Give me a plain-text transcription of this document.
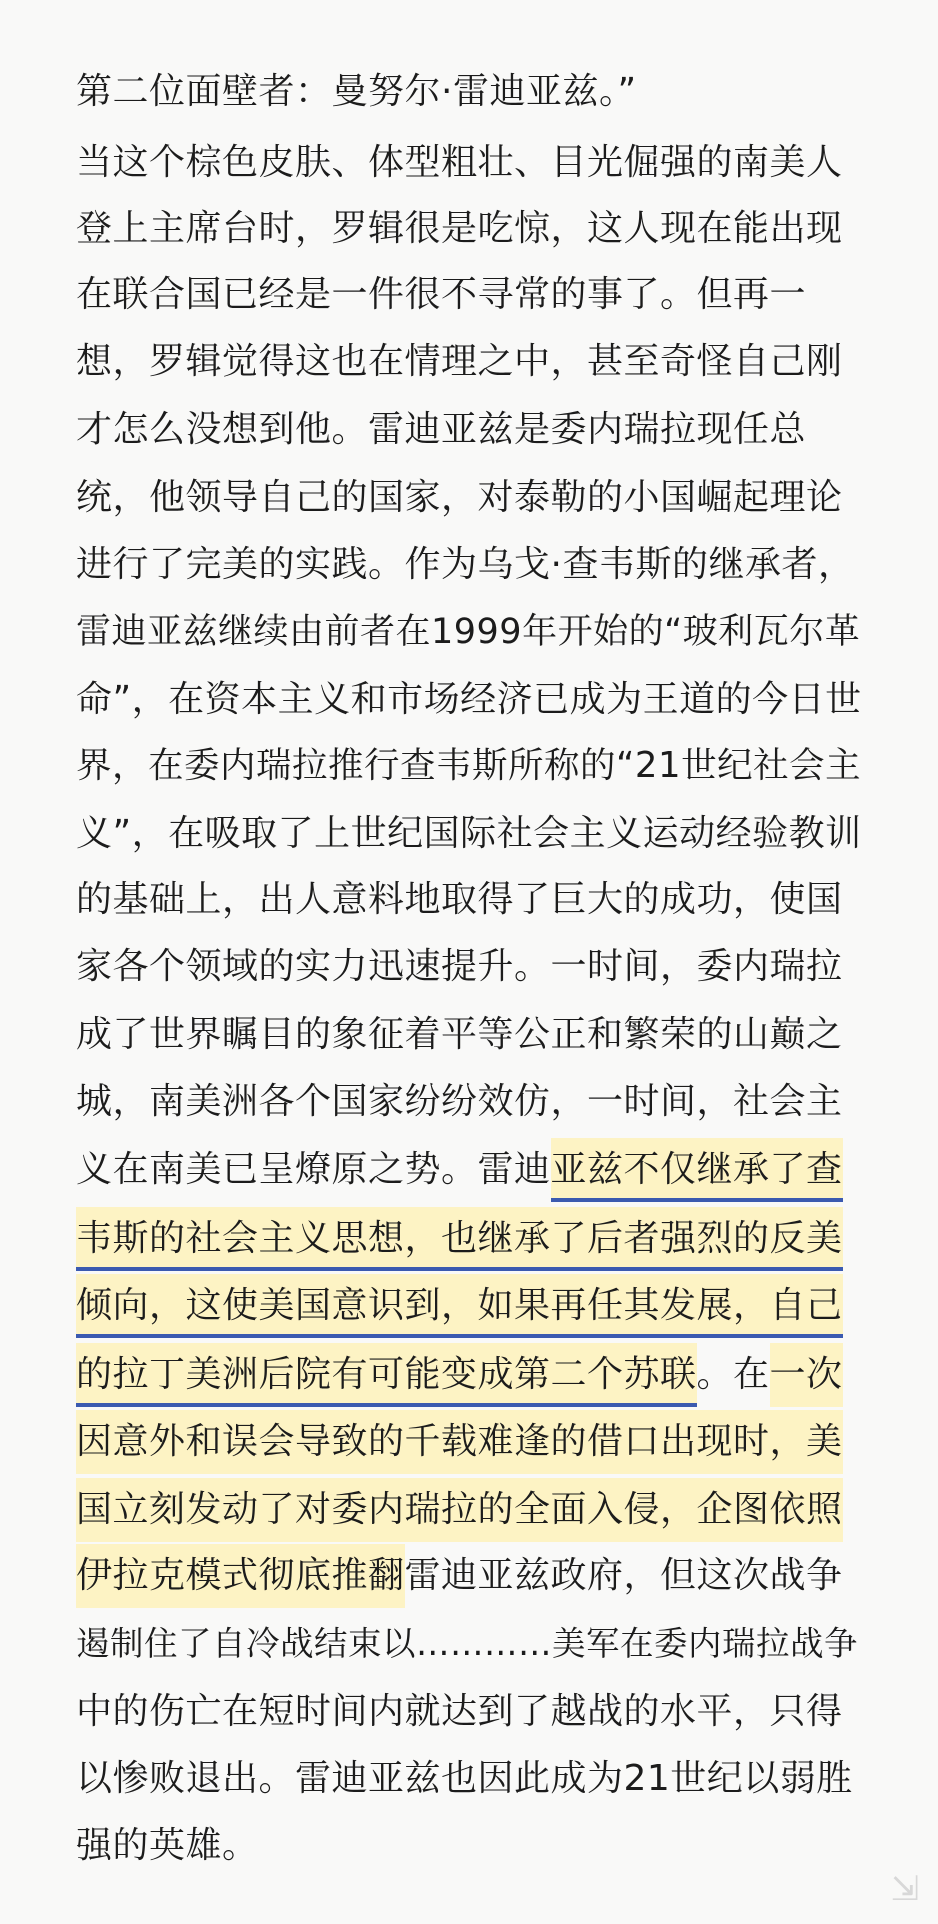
第二位面壁者：曼努尔·雷迪亚兹。”
当这个棕色皮肤、体型粗壮、目光倔强的南美人
登上主席台时，罗辑很是吃惊，这人现在能出现
在联合国已经是一件很不寻常的事了。但再一
想，罗辑觉得这也在情理之中，甚至奇怪自己刚
才怎么没想到他。雷迪亚兹是委内瑞拉现任总
统，他领导自己的国家，对泰勒的小国崛起理论
进行了完美的实践。作为乌戈·查韦斯的继承者，
雷迪亚兹继续由前者在1999年开始的“玻利瓦尔革
命”，在资本主义和市场经济已成为王道的今日世
界，在委内瑞拉推行查韦斯所称的“21世纪社会主
义”，在吸取了上世纪国际社会主义运动经验教训
的基础上，出人意料地取得了巨大的成功，使国
家各个领域的实力迅速提升。一时间，委内瑞拉
成了世界瞩目的象征着平等公正和繁荣的山巅之
城，南美洲各个国家纷纷效仿，一时间，社会主
义在南美已呈燎原之势。雷迪亚兹不仅继承了查
韦斯的社会主义思想，也继承了后者强烈的反美
倾向，这使美国意识到，如果再任其发展，自己
的拉丁美洲后院有可能变成第二个苏联。在一次
因意外和误会导致的千载难逢的借口出现时，美
国立刻发动了对委内瑞拉的全面入侵，企图依照
伊拉克模式彻底推翻雷迪亚兹政府，但这次战争
遏制住了自冷战结束以…………美军在委内瑞拉战争
中的伤亡在短时间内就达到了越战的水平，只得
以惨败退出。雷迪亚兹也因此成为21世纪以弱胜
强的英雄。
⇲
